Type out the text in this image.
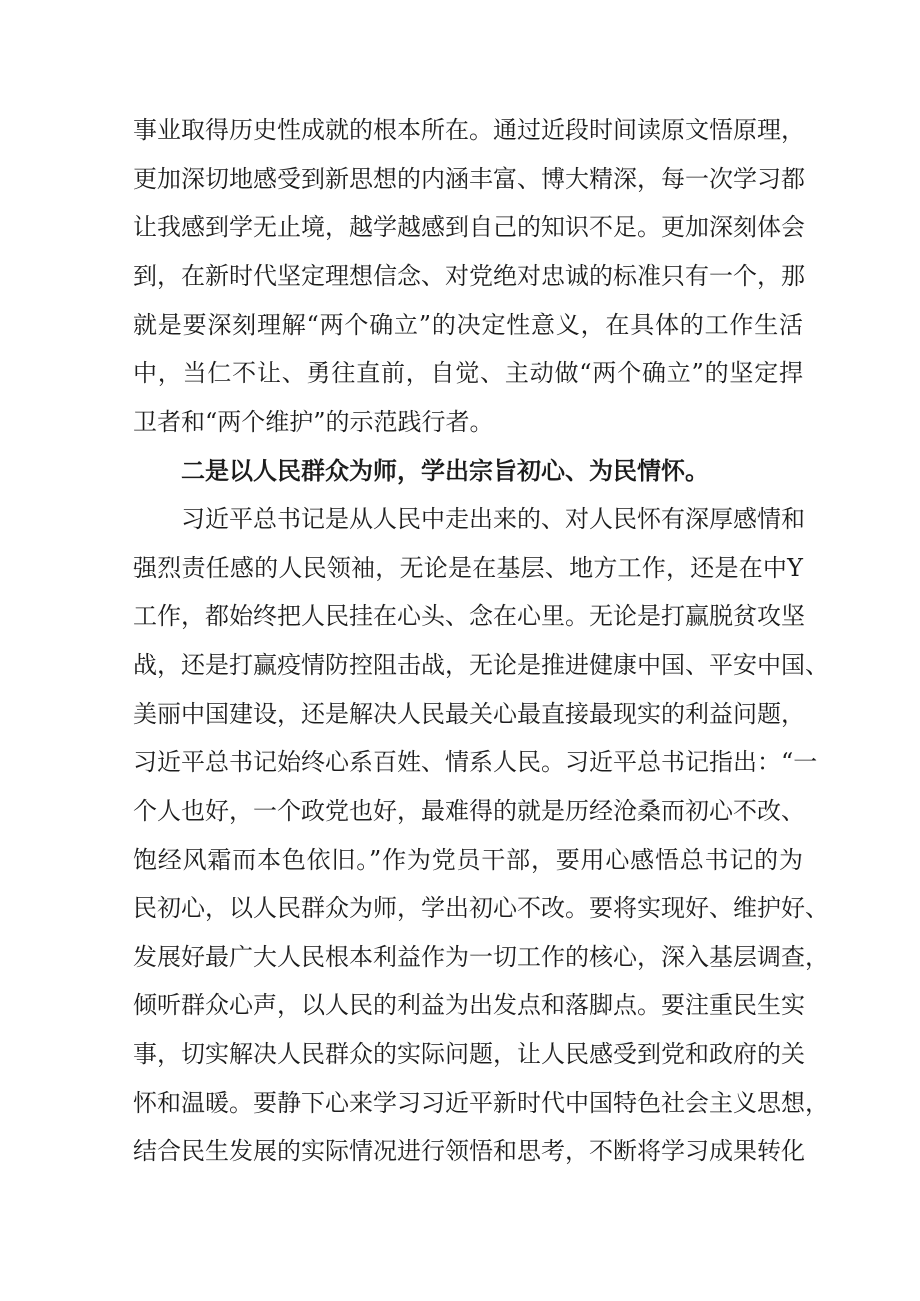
事业取得历史性成就的根本所在。通过近段时间读原文悟原理，

更加深切地感受到新思想的内涵丰富、博大精深，每一次学习都

让我感到学无止境，越学越感到自己的知识不足。更加深刻体会

到，在新时代坚定理想信念、对党绝对忠诚的标准只有一个，那

就是要深刻理解“两个确立”的决定性意义，在具体的工作生活

中，当仁不让、勇往直前，自觉、主动做“两个确立”的坚定捍

卫者和“两个维护”的示范践行者。

二是以人民群众为师，学出宗旨初心、为民情怀。

习近平总书记是从人民中走出来的、对人民怀有深厚感情和

强烈责任感的人民领袖，无论是在基层、地方工作，还是在中Y

工作，都始终把人民挂在心头、念在心里。无论是打赢脱贫攻坚

战，还是打赢疫情防控阻击战，无论是推进健康中国、平安中国、

美丽中国建设，还是解决人民最关心最直接最现实的利益问题，

习近平总书记始终心系百姓、情系人民。习近平总书记指出：“一

个人也好，一个政党也好，最难得的就是历经沧桑而初心不改、

饱经风霜而本色依旧。”作为党员干部，要用心感悟总书记的为

民初心，以人民群众为师，学出初心不改。要将实现好、维护好、

发展好最广大人民根本利益作为一切工作的核心，深入基层调查，

倾听群众心声，以人民的利益为出发点和落脚点。要注重民生实

事，切实解决人民群众的实际问题，让人民感受到党和政府的关

怀和温暖。要静下心来学习习近平新时代中国特色社会主义思想，

结合民生发展的实际情况进行领悟和思考，不断将学习成果转化
